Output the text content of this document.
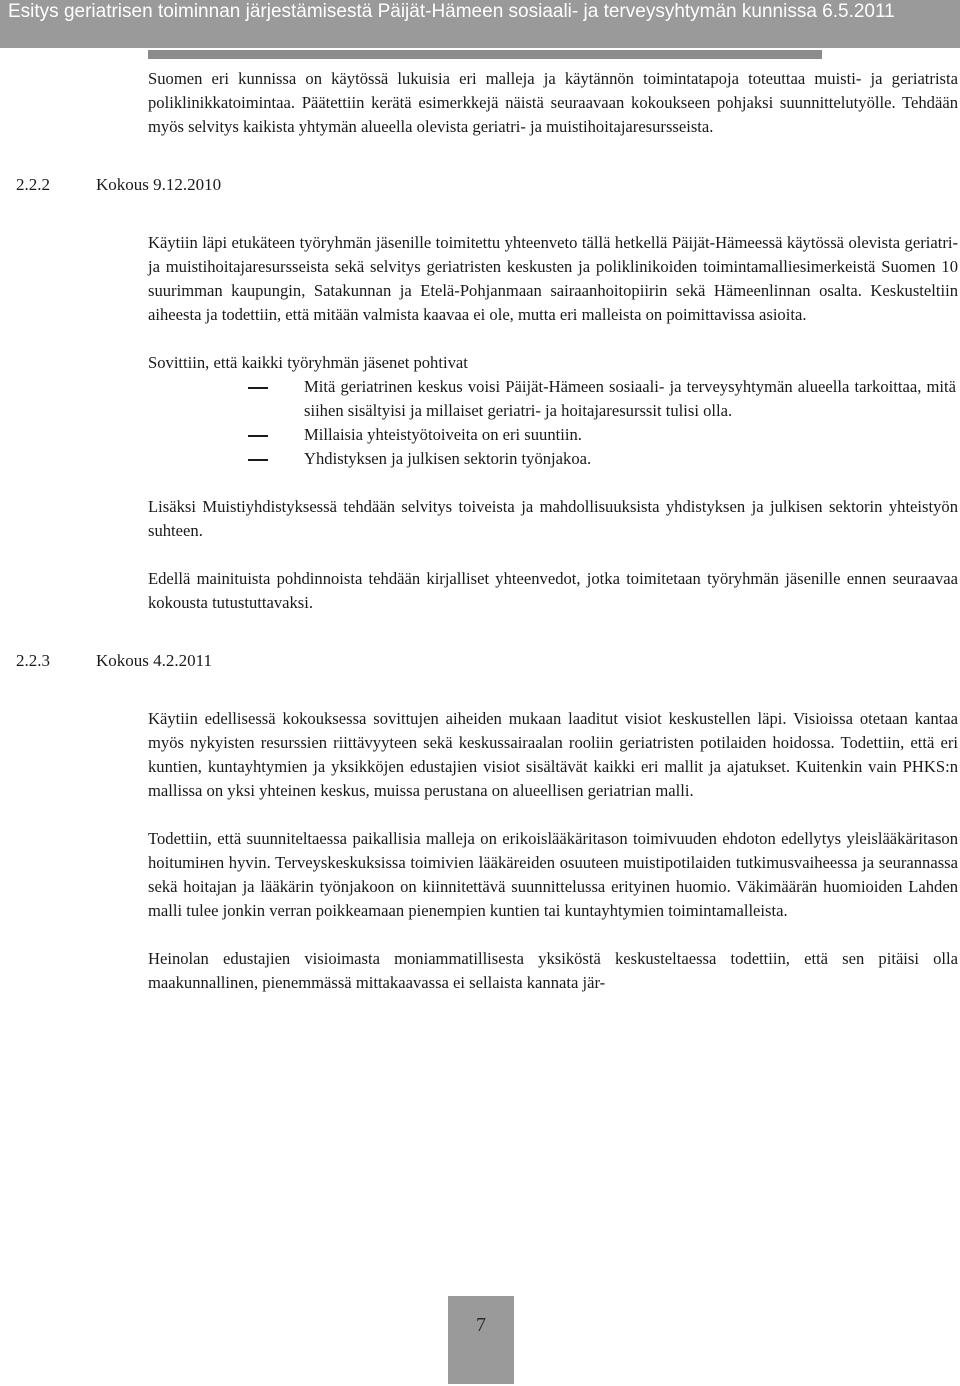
Esitys geriatrisen toiminnan järjestämisestä Päijät-Hämeen sosiaali- ja terveysyhtymän kunnissa 6.5.2011

Suomen eri kunnissa on käytössä lukuisia eri malleja ja käytännön toimintatapoja toteuttaa muisti- ja geriatrista poliklinikkatoimintaa. Päätettiin kerätä esimerkkejä näistä seuraavaan kokoukseen pohjaksi suunnittelutyölle. Tehdään myös selvitys kaikista yhtymän alueella olevista geriatri- ja muistihoitajaresursseista.

2.2.2	Kokous 9.12.2010

Käytiin läpi etukäteen työryhmän jäsenille toimitettu yhteenveto tällä hetkellä Päijät-Hämeessä käytössä olevista geriatri- ja muistihoitajaresursseista sekä selvitys geriatristen keskusten ja poliklinikoiden toimintamalliesimerkeistä Suomen 10 suurimman kaupungin, Satakunnan ja Etelä-Pohjanmaan sairaanhoitopiirin sekä Hämeenlinnan osalta. Keskusteltiin aiheesta ja todettiin, että mitään valmista kaavaa ei ole, mutta eri malleista on poimittavissa asioita.

Sovittiin, että kaikki työryhmän jäsenet pohtivat

Mitä geriatrinen keskus voisi Päijät-Hämeen sosiaali- ja terveysyhtymän alueella tarkoittaa, mitä siihen sisältyisi ja millaiset geriatri- ja hoitajaresurssit tulisi olla.
Millaisia yhteistyötoiveita on eri suuntiin.
Yhdistyksen ja julkisen sektorin työnjakoa.

Lisäksi Muistiyhdistyksessä tehdään selvitys toiveista ja mahdollisuuksista yhdistyksen ja julkisen sektorin yhteistyön suhteen.

Edellä mainituista pohdinnoista tehdään kirjalliset yhteenvedot, jotka toimitetaan työryhmän jäsenille ennen seuraavaa kokousta tutustuttavaksi.

2.2.3	Kokous 4.2.2011

Käytiin edellisessä kokouksessa sovittujen aiheiden mukaan laaditut visiot keskustellen läpi. Visioissa otetaan kantaa myös nykyisten resurssien riittävyyteen sekä keskussairaalan rooliin geriatristen potilaiden hoidossa. Todettiin, että eri kuntien, kuntayhtymien ja yksikköjen edustajien visiot sisältävät kaikki eri mallit ja ajatukset. Kuitenkin vain PHKS:n mallissa on yksi yhteinen keskus, muissa perustana on alueellisen geriatrian malli.

Todettiin, että suunniteltaessa paikallisia malleja on erikoislääkäritason toimivuuden ehdoton edellytys yleislääkäritason hoitumінen hyvin. Terveyskeskuksissa toimivien lääkäreiden osuuteen muistipotilaiden tutkimusvaiheessa ja seurannassa sekä hoitajan ja lääkärin työnjakoon on kiinnitettävä suunnittelussa erityinen huomio. Väkimäärän huomioiden Lahden malli tulee jonkin verran poikkeamaan pienempien kuntien tai kuntayhtymien toimintamalleista.

Heinolan edustajien visioimasta moniammatillisesta yksiköstä keskusteltaessa todettiin, että sen pitäisi olla maakunnallinen, pienemmässä mittakaavassa ei sellaista kannata jär-

7
